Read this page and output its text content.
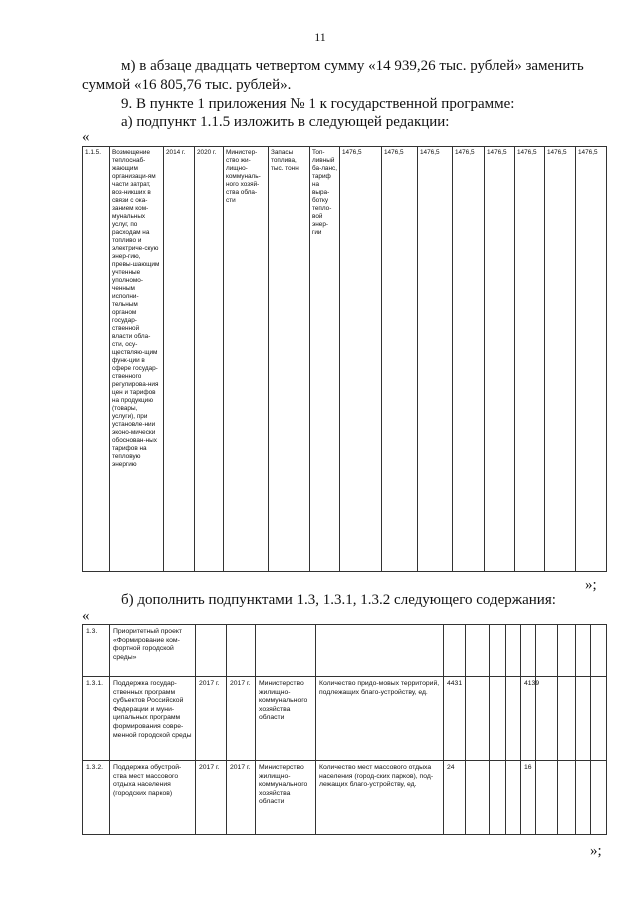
11
м) в абзаце двадцать четвертом сумму «14 939,26 тыс. рублей» заменить
суммой «16 805,76 тыс. рублей».
9. В пункте 1 приложения № 1 к государственной программе:
а) подпункт 1.1.5 изложить в следующей редакции:
«
1.1.5.	Возмещение теплоснаб-жающим организаци-ям части затрат, воз-никших в связи с ока-занием ком-мунальных услуг, по расходам на топливо и электриче-скую энер-гию, превы-шающим учтенные уполномо-ченным исполни-тельным органом государ-ственной власти обла-сти, осу-ществляю-щим функ-ции в сфере государ-ственного регулирова-ния цен и тарифов на продукцию (товары, услуги), при установле-нии эконо-мически обоснован-ных тарифов на тепловую энергию	2014 г.	2020 г.	Министер-ство жи-лищно-коммуналь-ного хозяй-ства обла-сти	Запасы топлива, тыс. тонн	Топ-ливный ба-ланс, тариф на выра-ботку тепло-вой энер-гии	1476,5	1476,5	1476,5	1476,5	1476,5	1476,5	1476,5	1476,5
»;
б) дополнить подпунктами 1.3, 1.3.1, 1.3.2 следующего содержания:
«
1.3.	Приоритетный проект «Формирование ком-фортной городской среды»													
1.3.1.	Поддержка государ-ственных программ субъектов Российской Федерации и муни-ципальных программ формирования совре-менной городской среды	2017 г.	2017 г.	Министерство жилищно-коммунального хозяйства области	Количество придо-мовых территорий, подлежащих благо-устройству, ед.	4431				4139				
1.3.2.	Поддержка обустрой-ства мест массового отдыха населения (городских парков)	2017 г.	2017 г.	Министерство жилищно-коммунального хозяйства области	Количество мест массового отдыха населения (город-ских парков), под-лежащих благо-устройству, ед.	24				16				
»;
